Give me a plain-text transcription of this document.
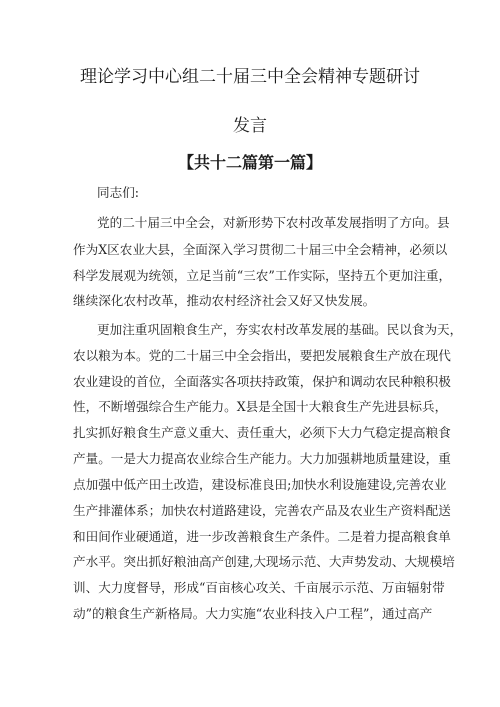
理论学习中心组二十届三中全会精神专题研讨
发言
【共十二篇第一篇】
同志们:
党的二十届三中全会，对新形势下农村改革发展指明了方向。县
作为X区农业大县，全面深入学习贯彻二十届三中全会精神，必须以
科学发展观为统领，立足当前“三农”工作实际，坚持五个更加注重，
继续深化农村改革，推动农村经济社会又好又快发展。
更加注重巩固粮食生产，夯实农村改革发展的基础。民以食为天，
农以粮为本。党的二十届三中全会指出，要把发展粮食生产放在现代
农业建设的首位，全面落实各项扶持政策，保护和调动农民种粮积极
性，不断增强综合生产能力。X县是全国十大粮食生产先进县标兵，
扎实抓好粮食生产意义重大、责任重大，必须下大力气稳定提高粮食
产量。一是大力提高农业综合生产能力。大力加强耕地质量建设，重
点加强中低产田土改造，建设标准良田;加快水利设施建设,完善农业
生产排灌体系；加快农村道路建设，完善农产品及农业生产资料配送
和田间作业硬通道，进一步改善粮食生产条件。二是着力提高粮食单
产水平。突出抓好粮油高产创建,大现场示范、大声势发动、大规模培
训、大力度督导，形成“百亩核心攻关、千亩展示示范、万亩辐射带
动”的粮食生产新格局。大力实施“农业科技入户工程”，通过高产
